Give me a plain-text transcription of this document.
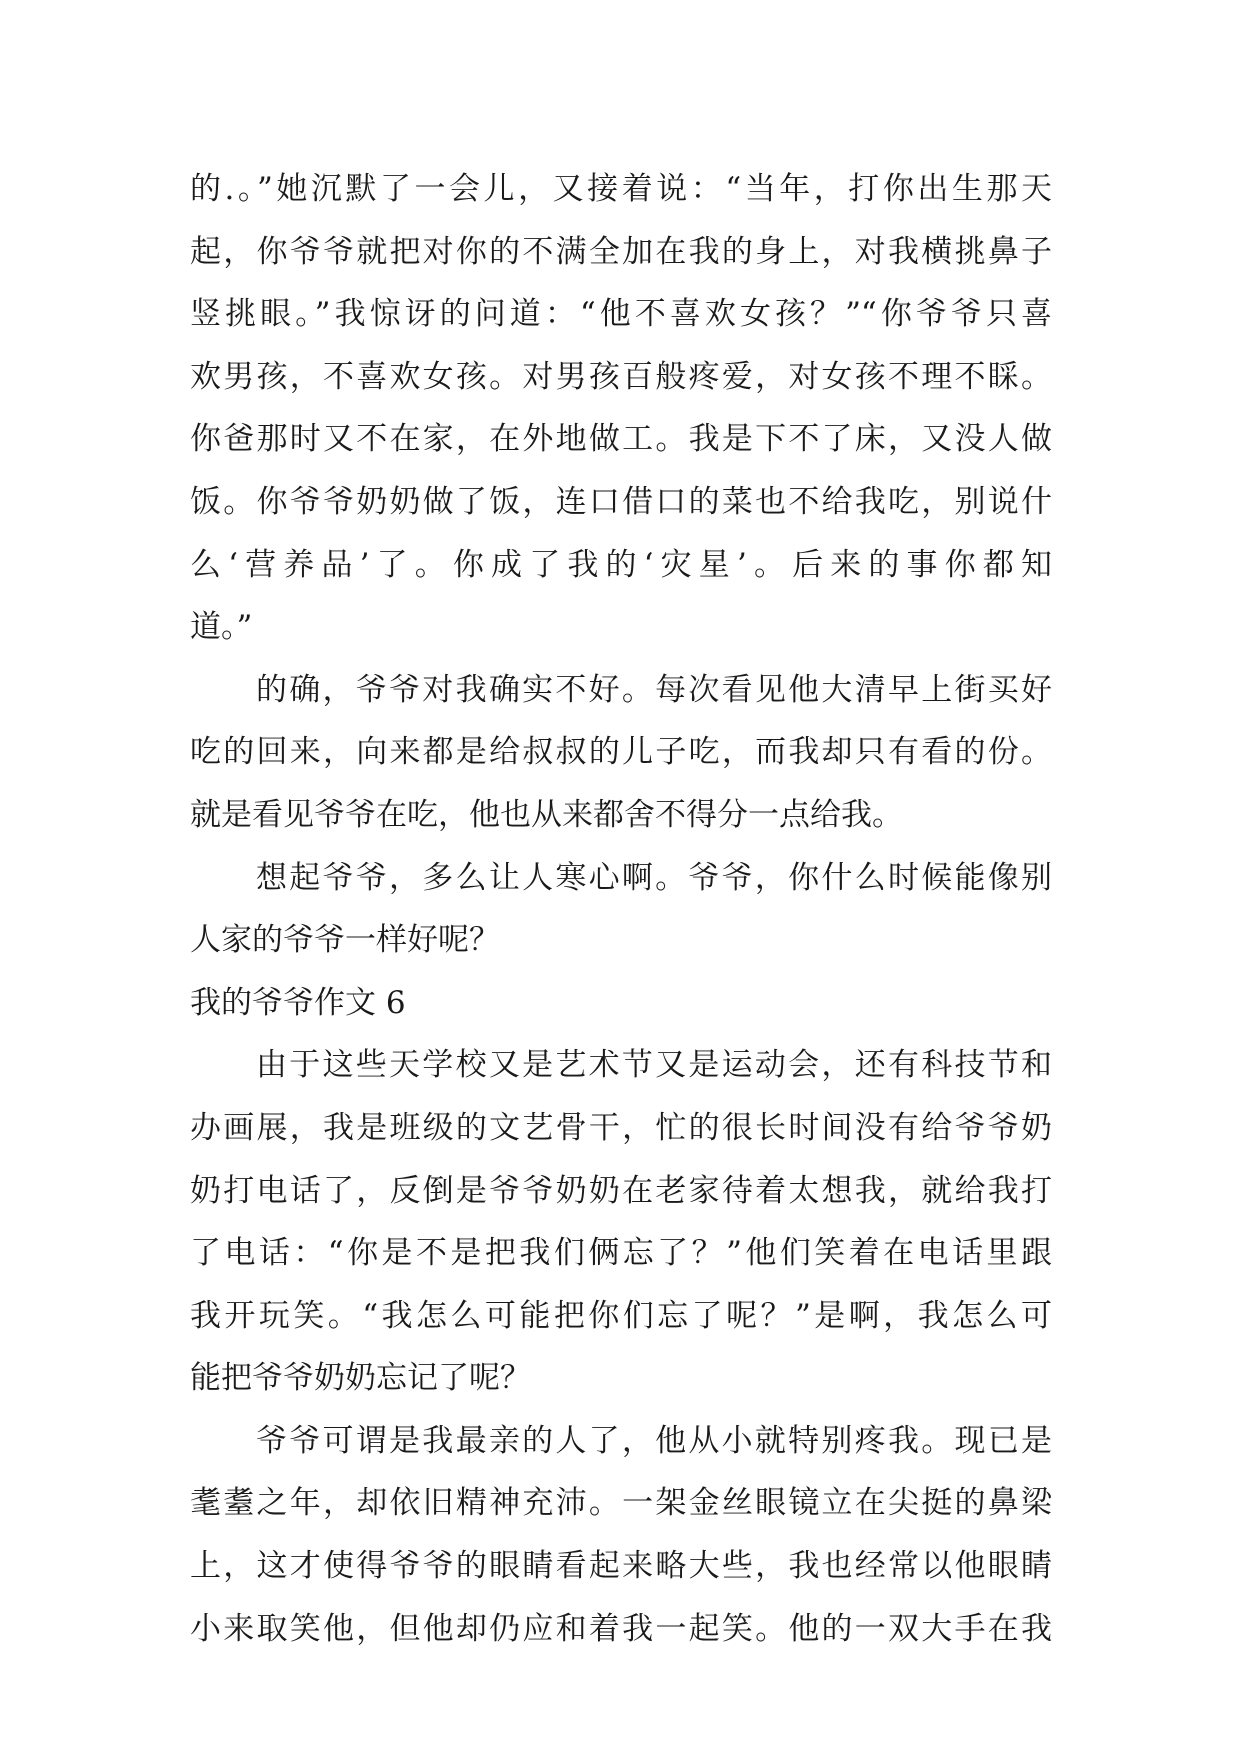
的.。”她沉默了一会儿，又接着说：“当年，打你出生那天
起，你爷爷就把对你的不满全加在我的身上，对我横挑鼻子
竖挑眼。”我惊讶的问道：“他不喜欢女孩？”“你爷爷只喜
欢男孩，不喜欢女孩。对男孩百般疼爱，对女孩不理不睬。
你爸那时又不在家，在外地做工。我是下不了床，又没人做
饭。你爷爷奶奶做了饭，连口借口的菜也不给我吃，别说什
么‘营养品’了。你成了我的‘灾星’。后来的事你都知
道。”
的确，爷爷对我确实不好。每次看见他大清早上街买好
吃的回来，向来都是给叔叔的儿子吃，而我却只有看的份。
就是看见爷爷在吃，他也从来都舍不得分一点给我。
想起爷爷，多么让人寒心啊。爷爷，你什么时候能像别
人家的爷爷一样好呢？
我的爷爷作文 6
由于这些天学校又是艺术节又是运动会，还有科技节和
办画展，我是班级的文艺骨干，忙的很长时间没有给爷爷奶
奶打电话了，反倒是爷爷奶奶在老家待着太想我，就给我打
了电话：“你是不是把我们俩忘了？”他们笑着在电话里跟
我开玩笑。“我怎么可能把你们忘了呢？”是啊，我怎么可
能把爷爷奶奶忘记了呢？
爷爷可谓是我最亲的人了，他从小就特别疼我。现已是
耄耋之年，却依旧精神充沛。一架金丝眼镜立在尖挺的鼻梁
上，这才使得爷爷的眼睛看起来略大些，我也经常以他眼睛
小来取笑他，但他却仍应和着我一起笑。他的一双大手在我
